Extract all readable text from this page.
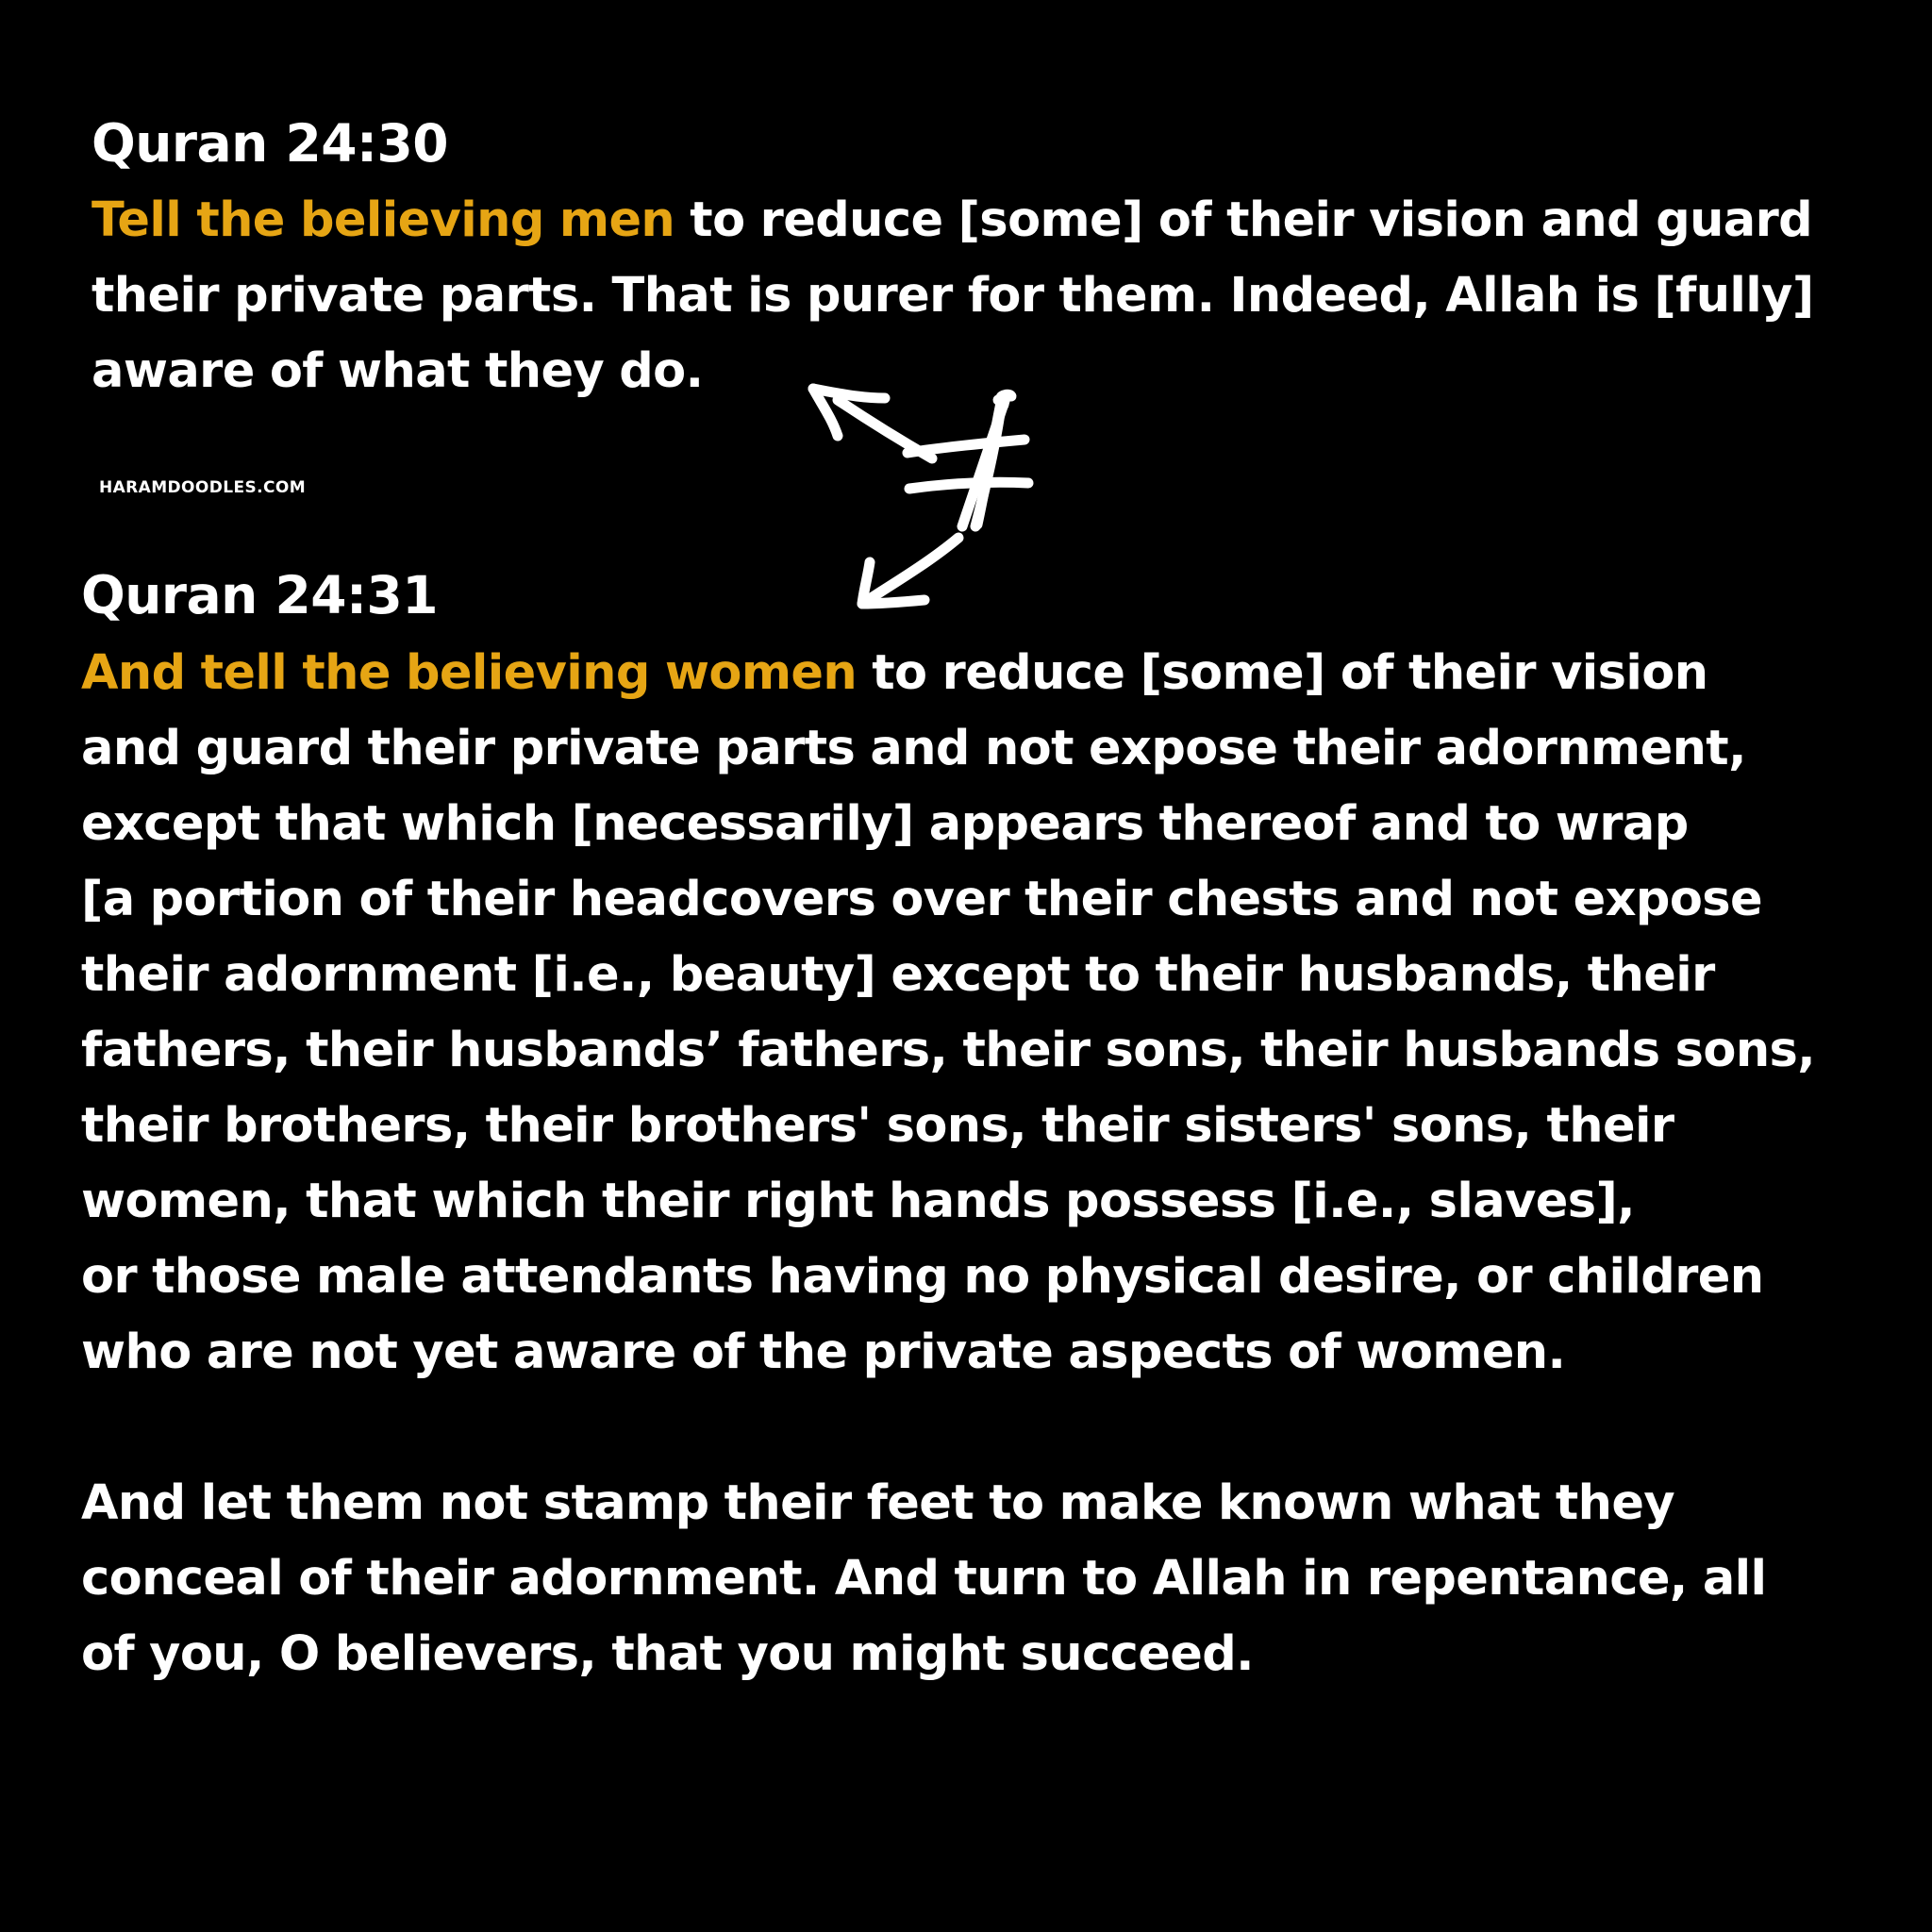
Quran 24:30
Tell the believing men to reduce [some] of their vision and guard
their private parts. That is purer for them. Indeed, Allah is [fully]
aware of what they do.
HARAMDOODLES.COM
Quran 24:31
And tell the believing women to reduce [some] of their vision
and guard their private parts and not expose their adornment,
except that which [necessarily] appears thereof and to wrap
[a portion of their headcovers over their chests and not expose
their adornment [i.e., beauty] except to their husbands, their
fathers, their husbands’ fathers, their sons, their husbands sons,
their brothers, their brothers' sons, their sisters' sons, their
women, that which their right hands possess [i.e., slaves],
or those male attendants having no physical desire, or children
who are not yet aware of the private aspects of women.
And let them not stamp their feet to make known what they
conceal of their adornment. And turn to Allah in repentance, all
of you, O believers, that you might succeed.
